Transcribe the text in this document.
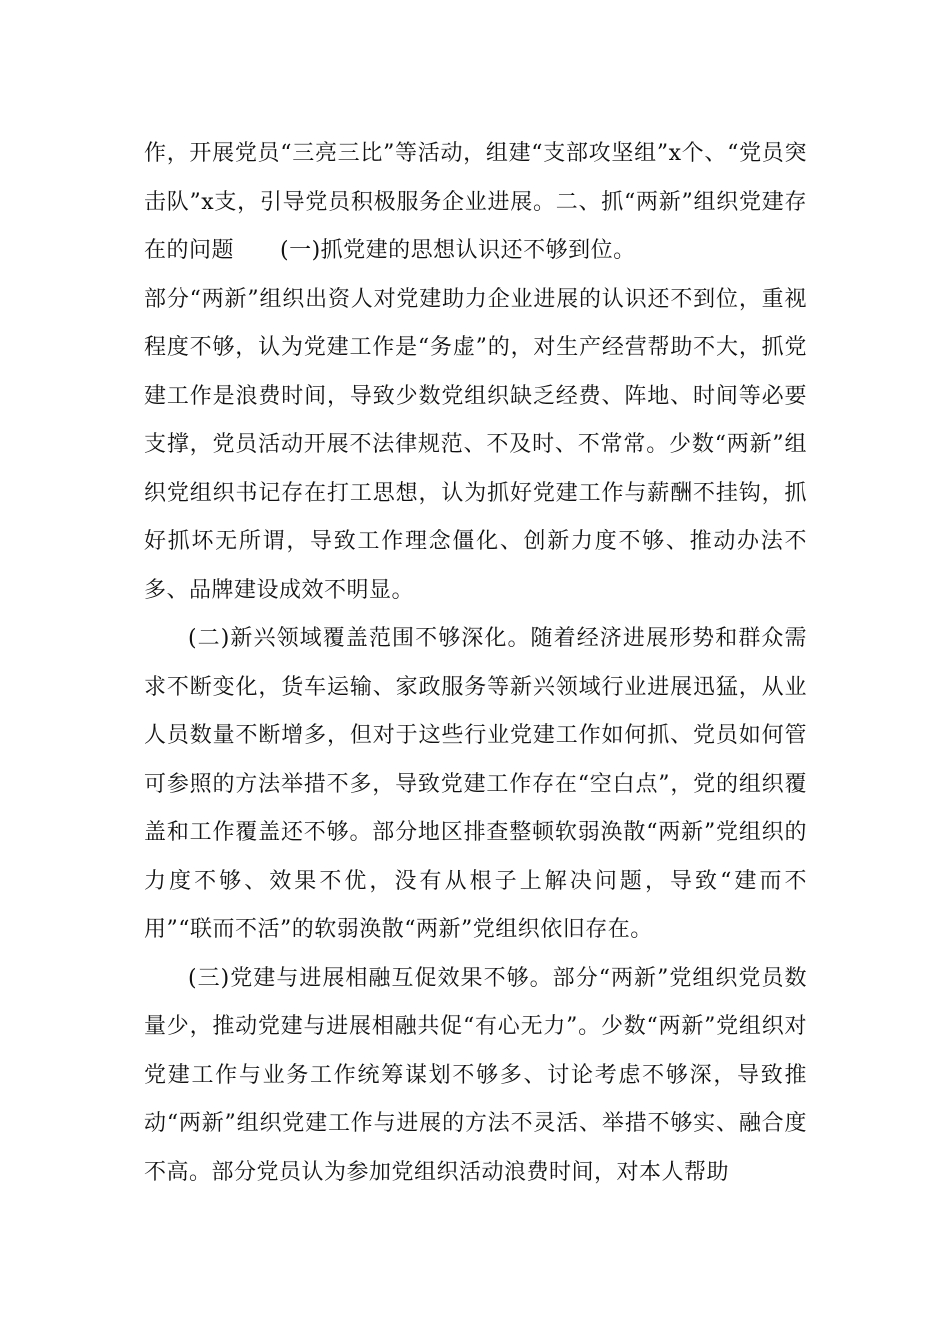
作，开展党员“三亮三比”等活动，组建“支部攻坚组”x个、“党员突击队”x支，引导党员积极服务企业进展。二、抓“两新”组织党建存在的问题 (一)抓党建的思想认识还不够到位。

部分“两新”组织出资人对党建助力企业进展的认识还不到位，重视程度不够，认为党建工作是“务虚”的，对生产经营帮助不大，抓党建工作是浪费时间，导致少数党组织缺乏经费、阵地、时间等必要支撑，党员活动开展不法律规范、不及时、不常常。少数“两新”组织党组织书记存在打工思想，认为抓好党建工作与薪酬不挂钩，抓好抓坏无所谓，导致工作理念僵化、创新力度不够、推动办法不多、品牌建设成效不明显。

(二)新兴领域覆盖范围不够深化。随着经济进展形势和群众需求不断变化，货车运输、家政服务等新兴领域行业进展迅猛，从业人员数量不断增多，但对于这些行业党建工作如何抓、党员如何管可参照的方法举措不多，导致党建工作存在“空白点”，党的组织覆盖和工作覆盖还不够。部分地区排查整顿软弱涣散“两新”党组织的力度不够、效果不优，没有从根子上解决问题，导致“建而不用”“联而不活”的软弱涣散“两新”党组织依旧存在。

(三)党建与进展相融互促效果不够。部分“两新”党组织党员数量少，推动党建与进展相融共促“有心无力”。少数“两新”党组织对党建工作与业务工作统筹谋划不够多、讨论考虑不够深，导致推动“两新”组织党建工作与进展的方法不灵活、举措不够实、融合度不高。部分党员认为参加党组织活动浪费时间，对本人帮助
